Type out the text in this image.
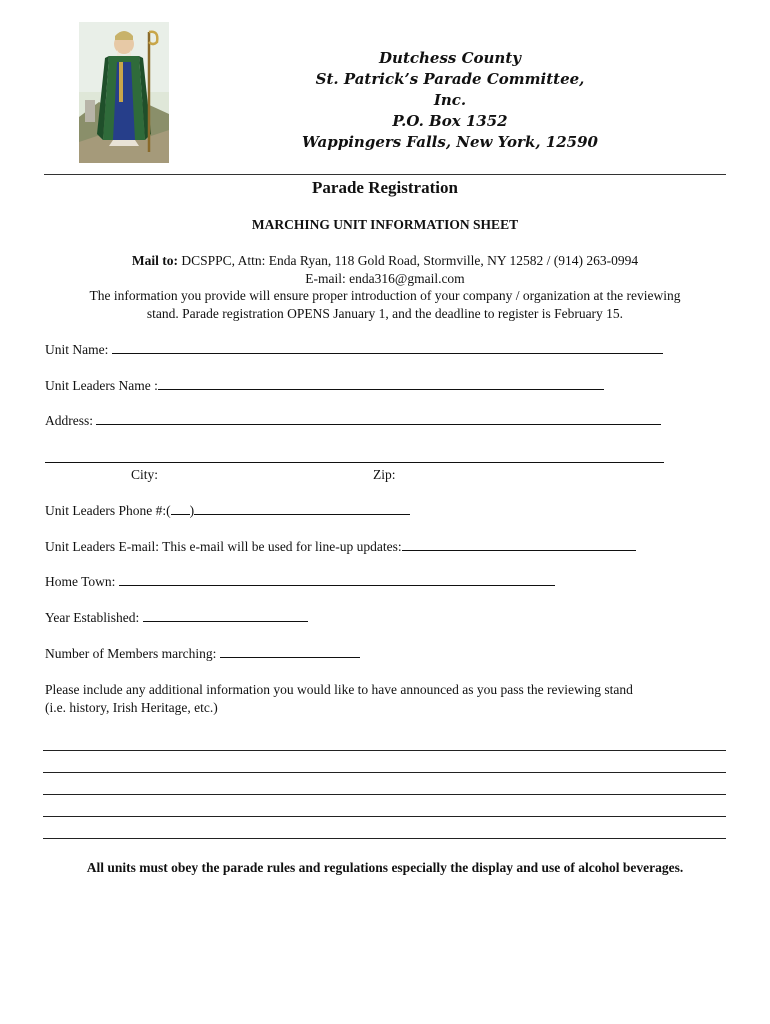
Dutchess County
St. Patrick’s Parade Committee, Inc.
P.O. Box 1352
Wappingers Falls, New York, 12590
Parade Registration
MARCHING UNIT INFORMATION SHEET
Mail to: DCSPPC, Attn: Enda Ryan, 118 Gold Road, Stormville, NY 12582 / (914) 263-0994
E-mail: enda316@gmail.com
The information you provide will ensure proper introduction of your company / organization at the reviewing
stand. Parade registration OPENS January 1, and the deadline to register is February 15.
Unit Name:
Unit Leaders Name :
Address:
City:	Zip:
Unit Leaders Phone #:( )
Unit Leaders E-mail: This e-mail will be used for line-up updates:
Home Town:
Year Established:
Number of Members marching:
Please include any additional information you would like to have announced as you pass the reviewing stand
(i.e. history, Irish Heritage, etc.)
All units must obey the parade rules and regulations especially the display and use of alcohol beverages.
